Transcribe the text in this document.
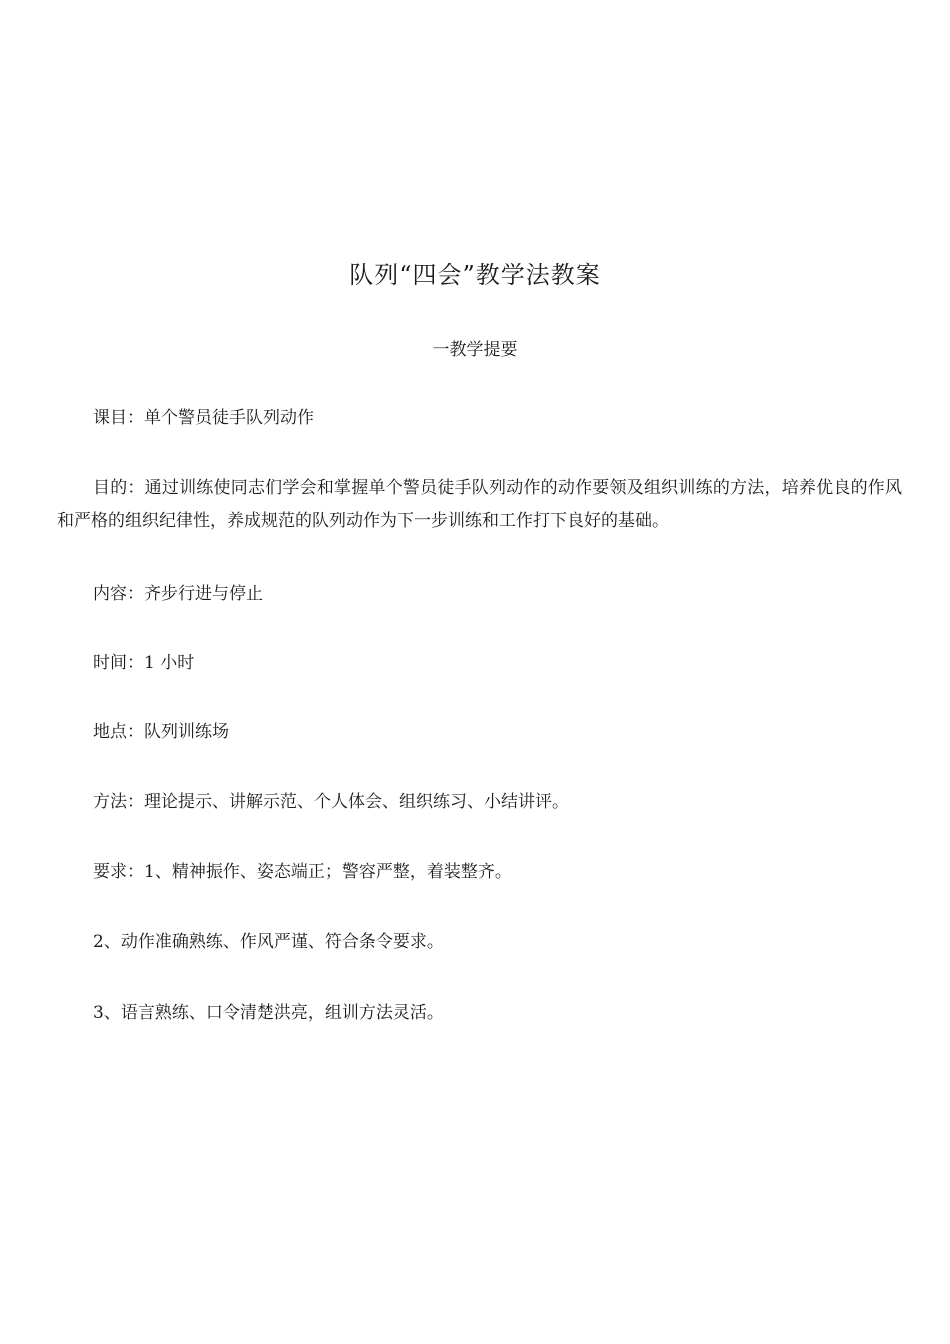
队列“四会”教学法教案
一教学提要
课目：单个警员徒手队列动作
目的：通过训练使同志们学会和掌握单个警员徒手队列动作的动作要领及组织训练的方法，培养优良的作风和严格的组织纪律性，养成规范的队列动作为下一步训练和工作打下良好的基础。
内容：齐步行进与停止
时间：1 小时
地点：队列训练场
方法：理论提示、讲解示范、个人体会、组织练习、小结讲评。
要求：1、精神振作、姿态端正；警容严整，着装整齐。
2、动作准确熟练、作风严谨、符合条令要求。
3、语言熟练、口令清楚洪亮，组训方法灵活。
